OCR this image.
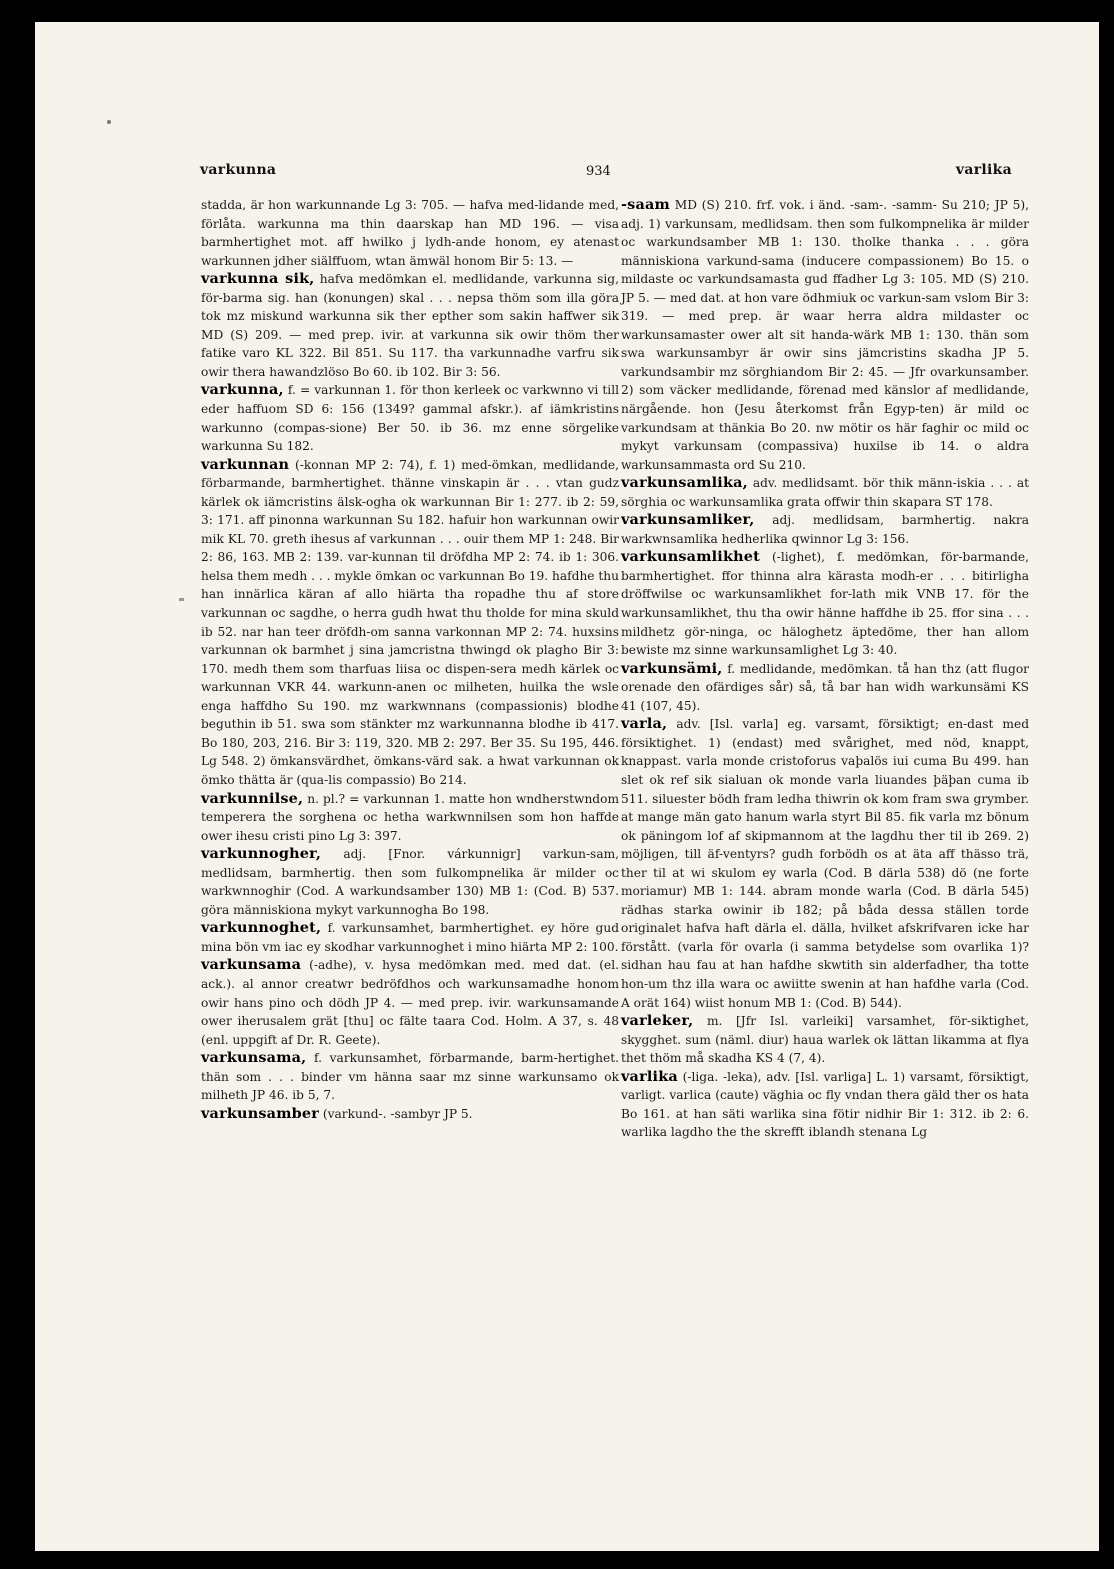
varkunna	934	varlika

stadda, är hon warkunnande Lg 3: 705. — hafva med-lidande med, förlåta. warkunna ma thin daarskap han MD 196. — visa barmhertighet mot. aff hwilko j lydh-ande honom, ey atenast warkunnen jdher siälffuom, wtan ämwäl honom Bir 5: 13. —

varkunna sik, hafva medömkan el. medlidande, varkunna sig, för-barma sig. han (konungen) skal . . . nepsa thöm som illa göra tok mz miskund warkunna sik ther epther som sakin haffwer sik MD (S) 209. — med prep. ivir. at varkunna sik owir thöm ther fatike varo KL 322. Bil 851. Su 117. tha varkunnadhe varfru sik owir thera hawandzlöso Bo 60. ib 102. Bir 3: 56.

varkunna, f. = varkunnan 1. för thon kerleek oc varkwnno vi till eder haffuom SD 6: 156 (1349? gammal afskr.). af iämkristins warkunno (compas-sione) Ber 50. ib 36. mz enne sörgelike warkunna Su 182.

varkunnan (-konnan MP 2: 74), f. 1) med-ömkan, medlidande, förbarmande, barmhertighet. thänne vinskapin är . . . vtan gudz kärlek ok iämcristins älsk-ogha ok warkunnan Bir 1: 277. ib 2: 59, 3: 171. aff pinonna warkunnan Su 182. hafuir hon warkunnan owir mik KL 70. greth ihesus af varkunnan . . . ouir them MP 1: 248. Bir 2: 86, 163. MB 2: 139. var-kunnan til dröfdha MP 2: 74. ib 1: 306. helsa them medh . . . mykle ömkan oc varkunnan Bo 19. hafdhe thu han innärlica käran af allo hiärta tha ropadhe thu af store varkunnan oc sagdhe, o herra gudh hwat thu tholde for mina skuld ib 52. nar han teer dröfdh-om sanna varkonnan MP 2: 74. huxsins varkunnan ok barmhet j sina jamcristna thwingd ok plagho Bir 3: 170. medh them som tharfuas liisa oc dispen-sera medh kärlek oc warkunnan VKR 44. warkunn-anen oc milheten, huilka the wsle enga haffdho Su 190. mz warkwnnans (compassionis) blodhe beguthin ib 51. swa som stänkter mz warkunnanna blodhe ib 417. Bo 180, 203, 216. Bir 3: 119, 320. MB 2: 297. Ber 35. Su 195, 446. Lg 548. 2) ömkansvärdhet, ömkans-värd sak. a hwat varkunnan ok ömko thätta är (qua-lis compassio) Bo 214.

varkunnilse, n. pl.? = varkunnan 1. matte hon wndherstwndom temperera the sorghena oc hetha warkwnnilsen som hon haffde ower ihesu cristi pino Lg 3: 397.

varkunnogher, adj. [Fnor. várkunnigr] varkun-sam, medlidsam, barmhertig. then som fulkompnelika är milder oc warkwnnoghir (Cod. A warkundsamber 130) MB 1: (Cod. B) 537. göra människiona mykyt varkunnogha Bo 198.

varkunnoghet, f. varkunsamhet, barmhertighet. ey höre gud mina bön vm iac ey skodhar varkunnoghet i mino hiärta MP 2: 100.

varkunsama (-adhe), v. hysa medömkan med. med dat. (el. ack.). al annor creatwr bedröfdhos och warkunsamadhe honom owir hans pino och dödh JP 4. — med prep. ivir. warkunsamande ower iherusalem grät [thu] oc fälte taara Cod. Holm. A 37, s. 48 (enl. uppgift af Dr. R. Geete).

varkunsama, f. varkunsamhet, förbarmande, barm-hertighet. thän som . . . binder vm hänna saar mz sinne warkunsamo ok milheth JP 46. ib 5, 7.

varkunsamber (varkund-. -sambyr JP 5.

-saam MD (S) 210. frf. vok. i änd. -sam-. -samm- Su 210; JP 5), adj. 1) varkunsam, medlidsam. then som fulkompnelika är milder oc warkundsamber MB 1: 130. tholke thanka . . . göra människiona varkund-sama (inducere compassionem) Bo 15. o mildaste oc varkundsamasta gud ffadher Lg 3: 105. MD (S) 210. JP 5. — med dat. at hon vare ödhmiuk oc varkun-sam vslom Bir 3: 319. — med prep. är waar herra aldra mildaster oc warkunsamaster ower alt sit handa-wärk MB 1: 130. thän som swa warkunsambyr är owir sins jämcristins skadha JP 5. varkundsambir mz sörghiandom Bir 2: 45. — Jfr ovarkunsamber. 2) som väcker medlidande, förenad med känslor af medlidande, närgående. hon (Jesu återkomst från Egyp-ten) är mild oc varkundsam at thänkia Bo 20. nw mötir os här faghir oc mild oc mykyt varkunsam (compassiva) huxilse ib 14. o aldra warkunsammasta ord Su 210.

varkunsamlika, adv. medlidsamt. bör thik männ-iskia . . . at sörghia oc warkunsamlika grata offwir thin skapara ST 178.

varkunsamliker, adj. medlidsam, barmhertig. nakra warkwnsamlika hedherlika qwinnor Lg 3: 156.

varkunsamlikhet (-lighet), f. medömkan, för-barmande, barmhertighet. ffor thinna alra kärasta modh-er . . . bitirligha dröffwilse oc warkunsamlikhet for-lath mik VNB 17. för the warkunsamlikhet, thu tha owir hänne haffdhe ib 25. ffor sina . . . mildhetz gör-ninga, oc häloghetz äptedöme, ther han allom bewiste mz sinne warkunsamlighet Lg 3: 40.

varkunsämi, f. medlidande, medömkan. tå han thz (att flugor orenade den ofärdiges sår) så, tå bar han widh warkunsämi KS 41 (107, 45).

varla, adv. [Isl. varla] eg. varsamt, försiktigt; en-dast med försiktighet. 1) (endast) med svårighet, med nöd, knappt, knappast. varla monde cristoforus vaþalös iui cuma Bu 499. han slet ok ref sik sialuan ok monde varla liuandes þäþan cuma ib 511. siluester bödh fram ledha thiwrin ok kom fram swa grymber. at mange män gato hanum warla styrt Bil 85. fik varla mz bönum ok päningom lof af skipmannom at the lagdhu ther til ib 269. 2) möjligen, till äf-ventyrs? gudh forbödh os at äta aff thässo trä, ther til at wi skulom ey warla (Cod. B därla 538) dö (ne forte moriamur) MB 1: 144. abram monde warla (Cod. B därla 545) rädhas starka owinir ib 182; på båda dessa ställen torde originalet hafva haft därla el. dälla, hvilket afskrifvaren icke har förstått. (varla för ovarla (i samma betydelse som ovarlika 1)? sidhan hau fau at han hafdhe skwtith sin alderfadher, tha totte hon-um thz illa wara oc awiitte swenin at han hafdhe varla (Cod. A orät 164) wiist honum MB 1: (Cod. B) 544).

varleker, m. [Jfr Isl. varleiki] varsamhet, för-siktighet, skygghet. sum (näml. diur) haua warlek ok lättan likamma at flya thet thöm må skadha KS 4 (7, 4).

varlika (-liga. -leka), adv. [Isl. varliga] L. 1) varsamt, försiktigt, varligt. varlica (caute) väghia oc fly vndan thera gäld ther os hata Bo 161. at han säti warlika sina fötir nidhir Bir 1: 312. ib 2: 6. warlika lagdho the the skrefft iblandh stenana Lg
